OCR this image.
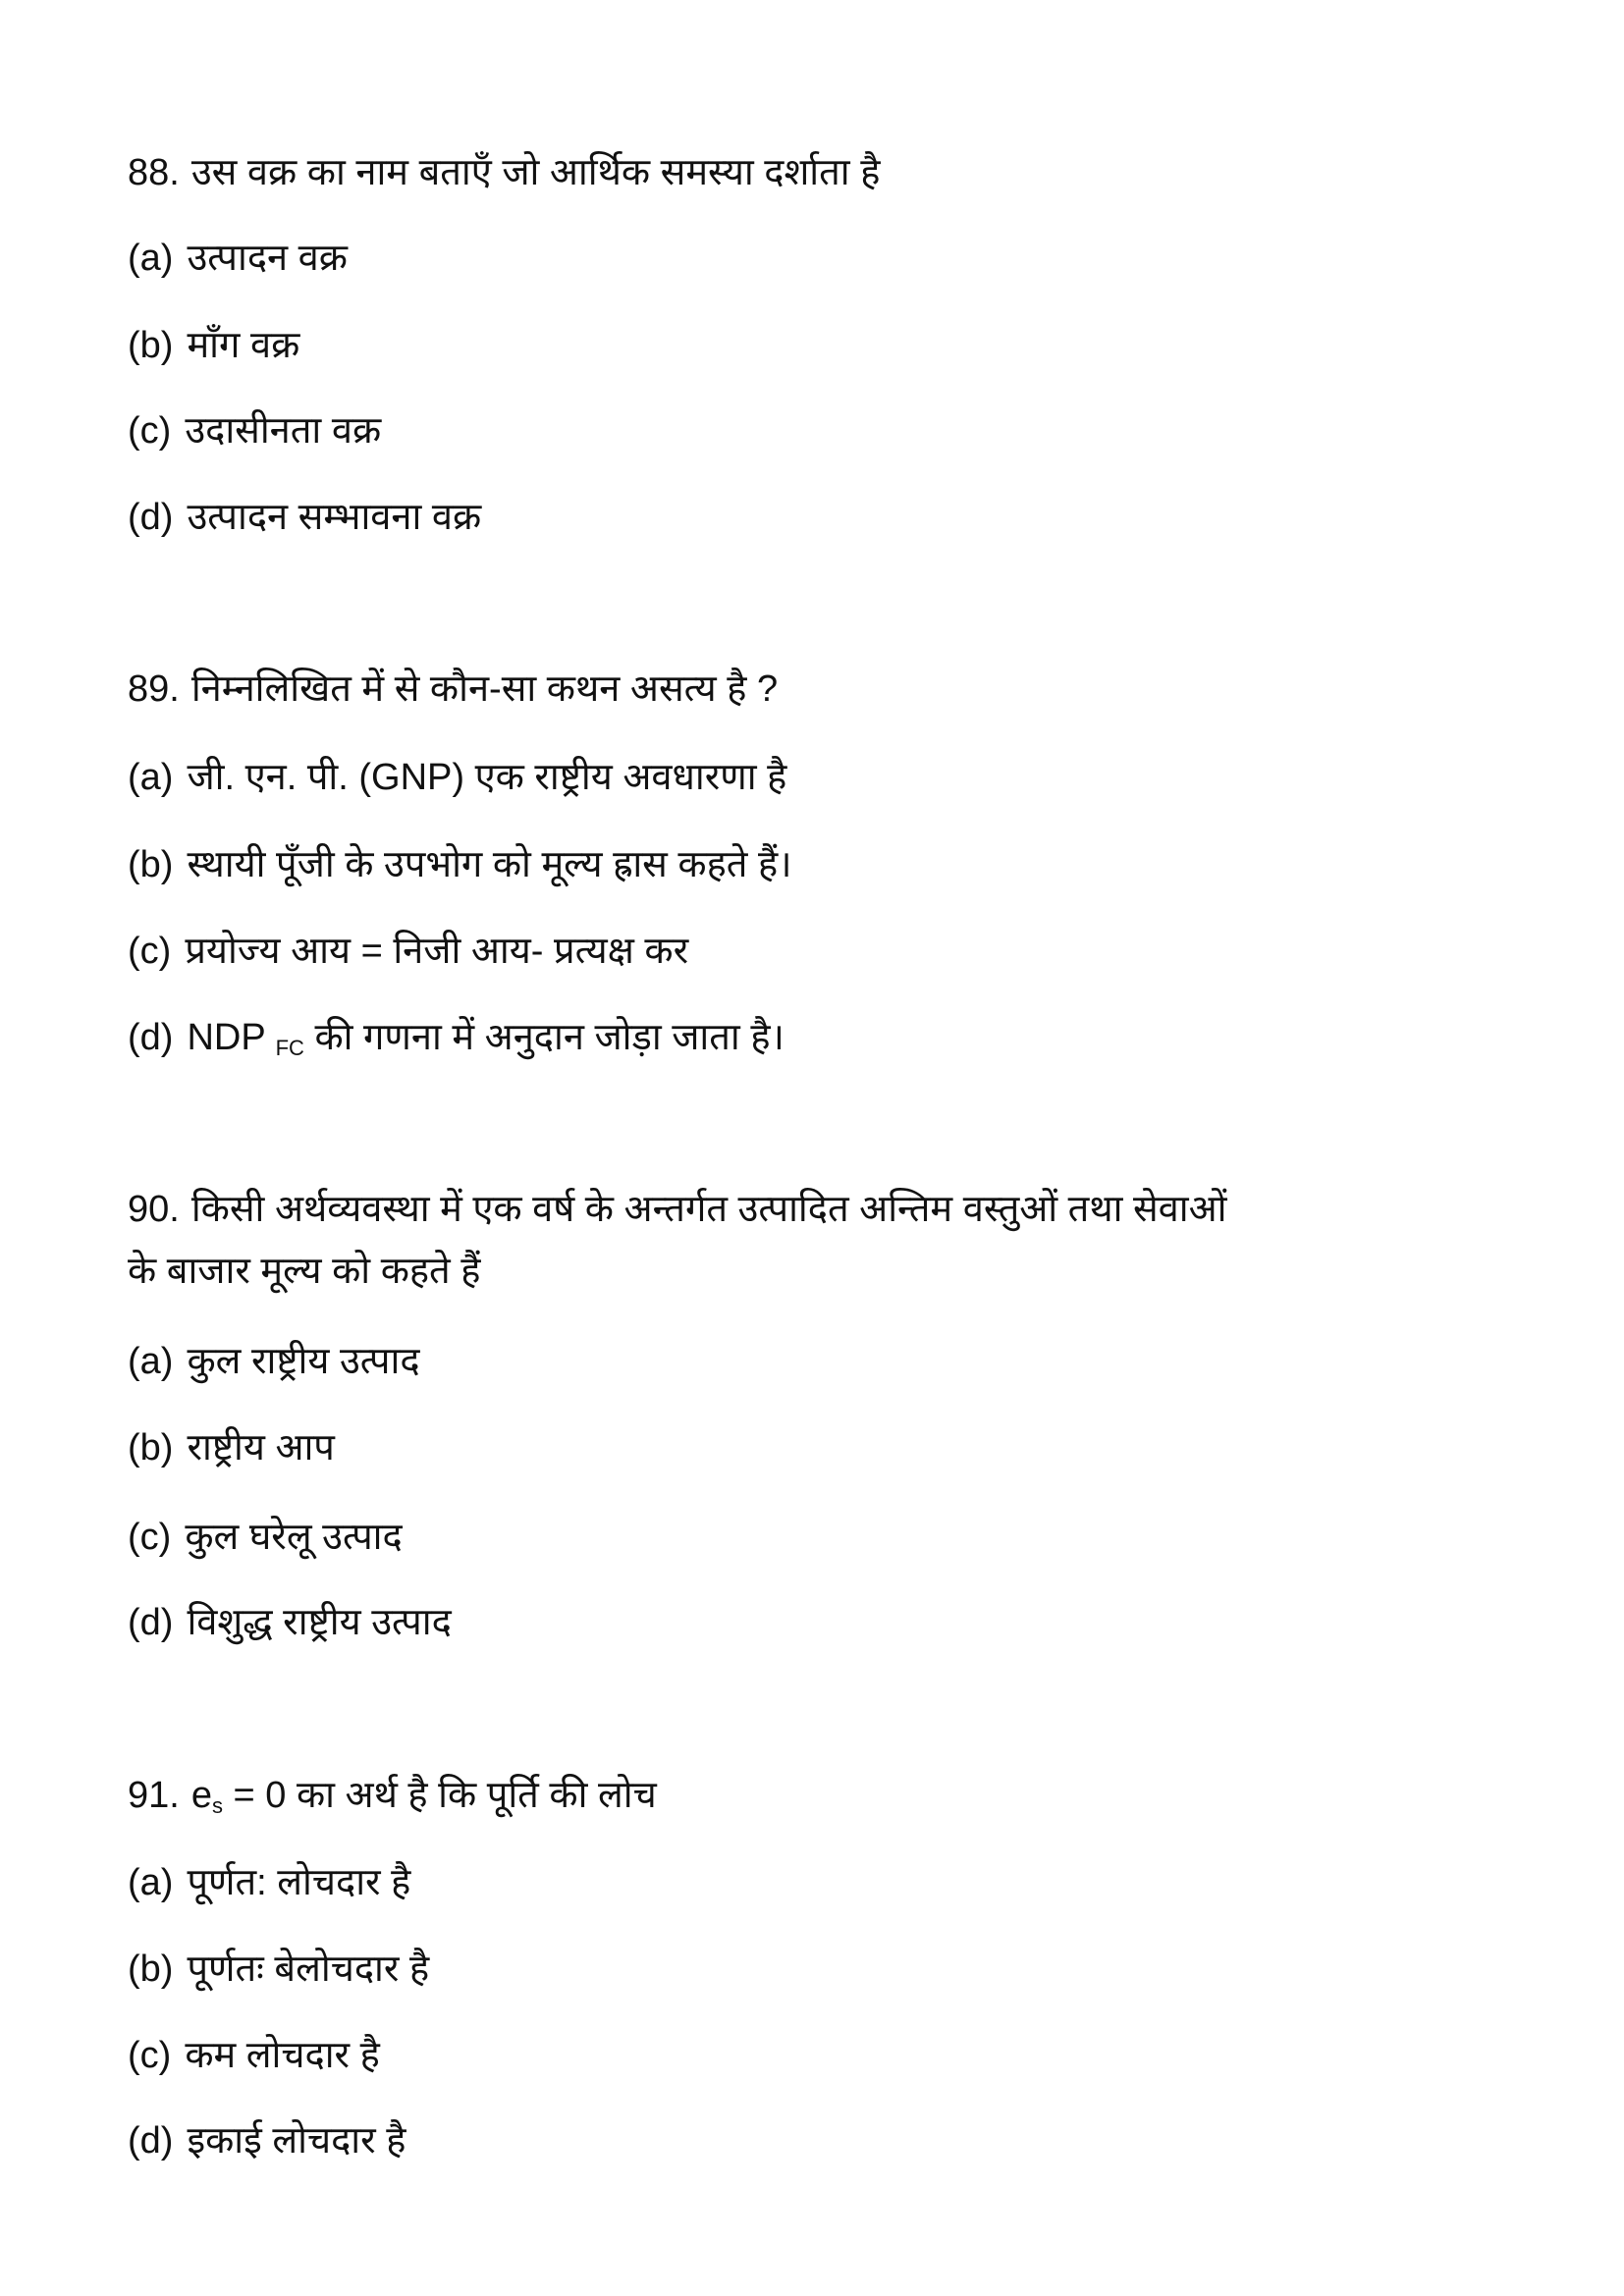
88. उस वक्र का नाम बताएँ जो आर्थिक समस्या दर्शाता है
(a) उत्पादन वक्र
(b) माँग वक्र
(c) उदासीनता वक्र
(d) उत्पादन सम्भावना वक्र
89. निम्नलिखित में से कौन-सा कथन असत्य है ?
(a) जी. एन. पी. (GNP) एक राष्ट्रीय अवधारणा है
(b) स्थायी पूँजी के उपभोग को मूल्य ह्रास कहते हैं।
(c) प्रयोज्य आय = निजी आय- प्रत्यक्ष कर
(d) NDP $_{FC}$ की गणना में अनुदान जोड़ा जाता है।
90. किसी अर्थव्यवस्था में एक वर्ष के अन्तर्गत उत्पादित अन्तिम वस्तुओं तथा सेवाओं
के बाजार मूल्य को कहते हैं
(a) कुल राष्ट्रीय उत्पाद
(b) राष्ट्रीय आप
(c) कुल घरेलू उत्पाद
(d) विशुद्ध राष्ट्रीय उत्पाद
91. $e_s = 0$ का अर्थ है कि पूर्ति की लोच
(a) पूर्णत: लोचदार है
(b) पूर्णतः बेलोचदार है
(c) कम लोचदार है
(d) इकाई लोचदार है
